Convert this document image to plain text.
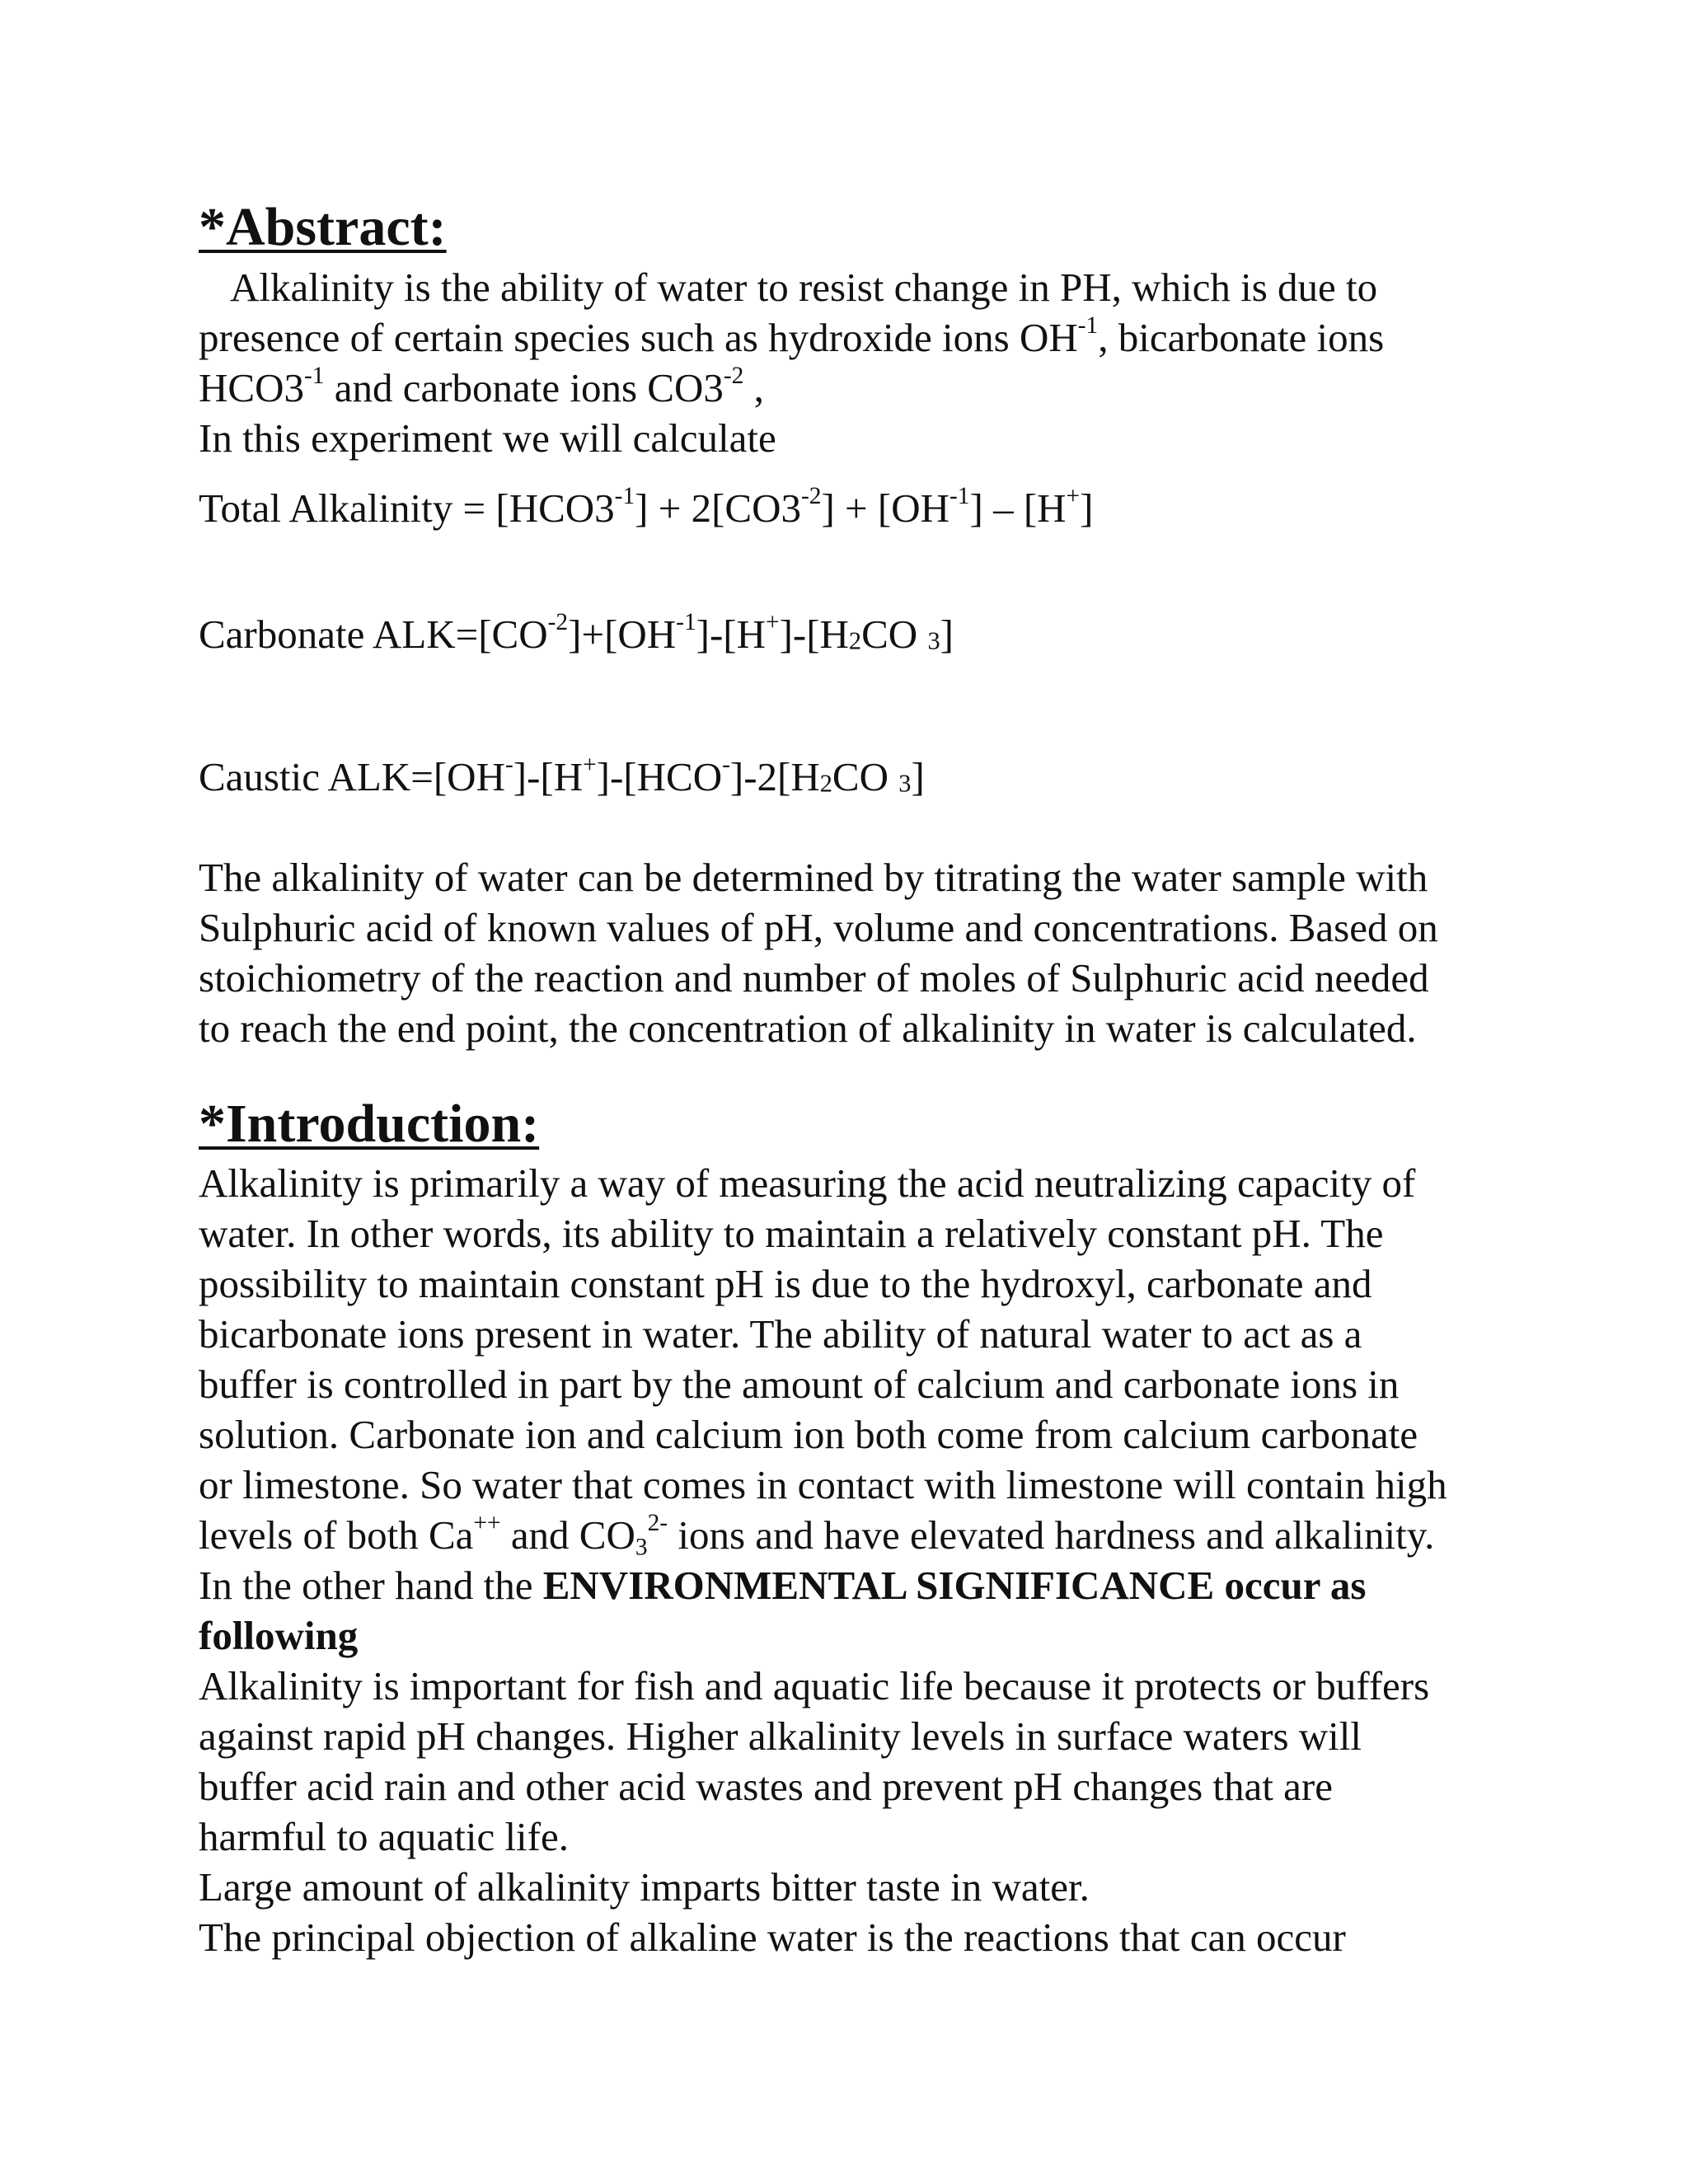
*Abstract:
Alkalinity is the ability of water to resist change in PH, which is due to
presence of certain species such as hydroxide ions $OH^{-1}$, bicarbonate ions
$HCO3^{-1}$ and carbonate ions $CO3^{-2}$ ,
In this experiment we will calculate
Total Alkalinity = $[HCO3^{-1}] + 2[CO3^{-2}] + [OH^{-1}] - [H^+]$
Carbonate $ALK=[CO^{-2}]+[OH^{-1}]-[H^+]-[H2CO$ 3]
Caustic ALK=[OH-]-[H+]-[HCO-]-2[H2CO 3]
The alkalinity of water can be determined by titrating the water sample with
Sulphuric acid of known values of pH, volume and concentrations. Based on
stoichiometry of the reaction and number of moles of Sulphuric acid needed
to reach the end point, the concentration of alkalinity in water is calculated.
*Introduction:
Alkalinity is primarily a way of measuring the acid neutralizing capacity of
water. In other words, its ability to maintain a relatively constant pH. The
possibility to maintain constant pH is due to the hydroxyl, carbonate and
bicarbonate ions present in water. The ability of natural water to act as a
buffer is controlled in part by the amount of calcium and carbonate ions in
solution. Carbonate ion and calcium ion both come from calcium carbonate
or limestone. So water that comes in contact with limestone will contain high
levels of both Ca++ and $CO_3^{2-}$ ions and have elevated hardness and alkalinity.
In the other hand the ENVIRONMENTAL SIGNIFICANCE occur as
following
Alkalinity is important for fish and aquatic life because it protects or buffers
against rapid pH changes. Higher alkalinity levels in surface waters will
buffer acid rain and other acid wastes and prevent pH changes that are
harmful to aquatic life.
Large amount of alkalinity imparts bitter taste in water.
The principal objection of alkaline water is the reactions that can occur
